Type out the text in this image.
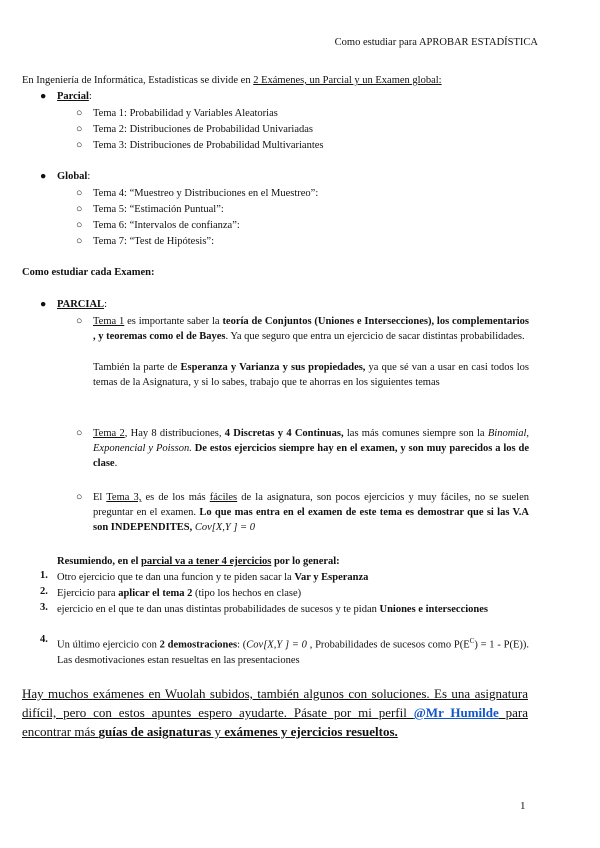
Como estudiar para APROBAR ESTADÍSTICA
En Ingeniería de Informática, Estadísticas se divide en 2 Exámenes, un Parcial y un Examen global:
● Parcial:
○ Tema 1: Probabilidad y Variables Aleatorias
○ Tema 2: Distribuciones de Probabilidad Univariadas
○ Tema 3: Distribuciones de Probabilidad Multivariantes
● Global:
○ Tema 4: “Muestreo y Distribuciones en el Muestreo”:
○ Tema 5: “Estimación Puntual”:
○ Tema 6: “Intervalos de confianza”:
○ Tema 7: “Test de Hipótesis”:
Como estudiar cada Examen:
● PARCIAL:
○ Tema 1 es importante saber la teoría de Conjuntos (Uniones e Intersecciones), los complementarios , y teoremas como el de Bayes. Ya que seguro que entra un ejercicio de sacar distintas probabilidades.
También la parte de Esperanza y Varianza y sus propiedades, ya que sé van a usar en casi todos los temas de la Asignatura, y si lo sabes, trabajo que te ahorras en los siguientes temas
○ Tema 2, Hay 8 distribuciones, 4 Discretas y 4 Continuas, las más comunes siempre son la Binomial, Exponencial y Poisson. De estos ejercicios siempre hay en el examen, y son muy parecidos a los de clase.
○ El Tema 3, es de los más fáciles de la asignatura, son pocos ejercicios y muy fáciles, no se suelen preguntar en el examen. Lo que mas entra en el examen de este tema es demostrar que si las V.A son INDEPENDITES, Cov[X,Y ] = 0
Resumiendo, en el parcial va a tener 4 ejercicios por lo general:
1. Otro ejercicio que te dan una funcion y te piden sacar la Var y Esperanza
2. Ejercicio para aplicar el tema 2 (tipo los hechos en clase)
3. ejercicio en el que te dan unas distintas probabilidades de sucesos y te pidan Uniones e intersecciones
4. Un último ejercicio con 2 demostraciones: (Cov[X,Y ] = 0 , Probabilidades de sucesos como $P(E^C) = 1 - P(E)$). Las desmotivaciones estan resueltas en las presentaciones
Hay muchos exámenes en Wuolah subidos, también algunos con soluciones. Es una asignatura difícil, pero con estos apuntes espero ayudarte. Pásate por mi perfil @Mr_Humilde para encontrar más guías de asignaturas y exámenes y ejercicios resueltos.
1
